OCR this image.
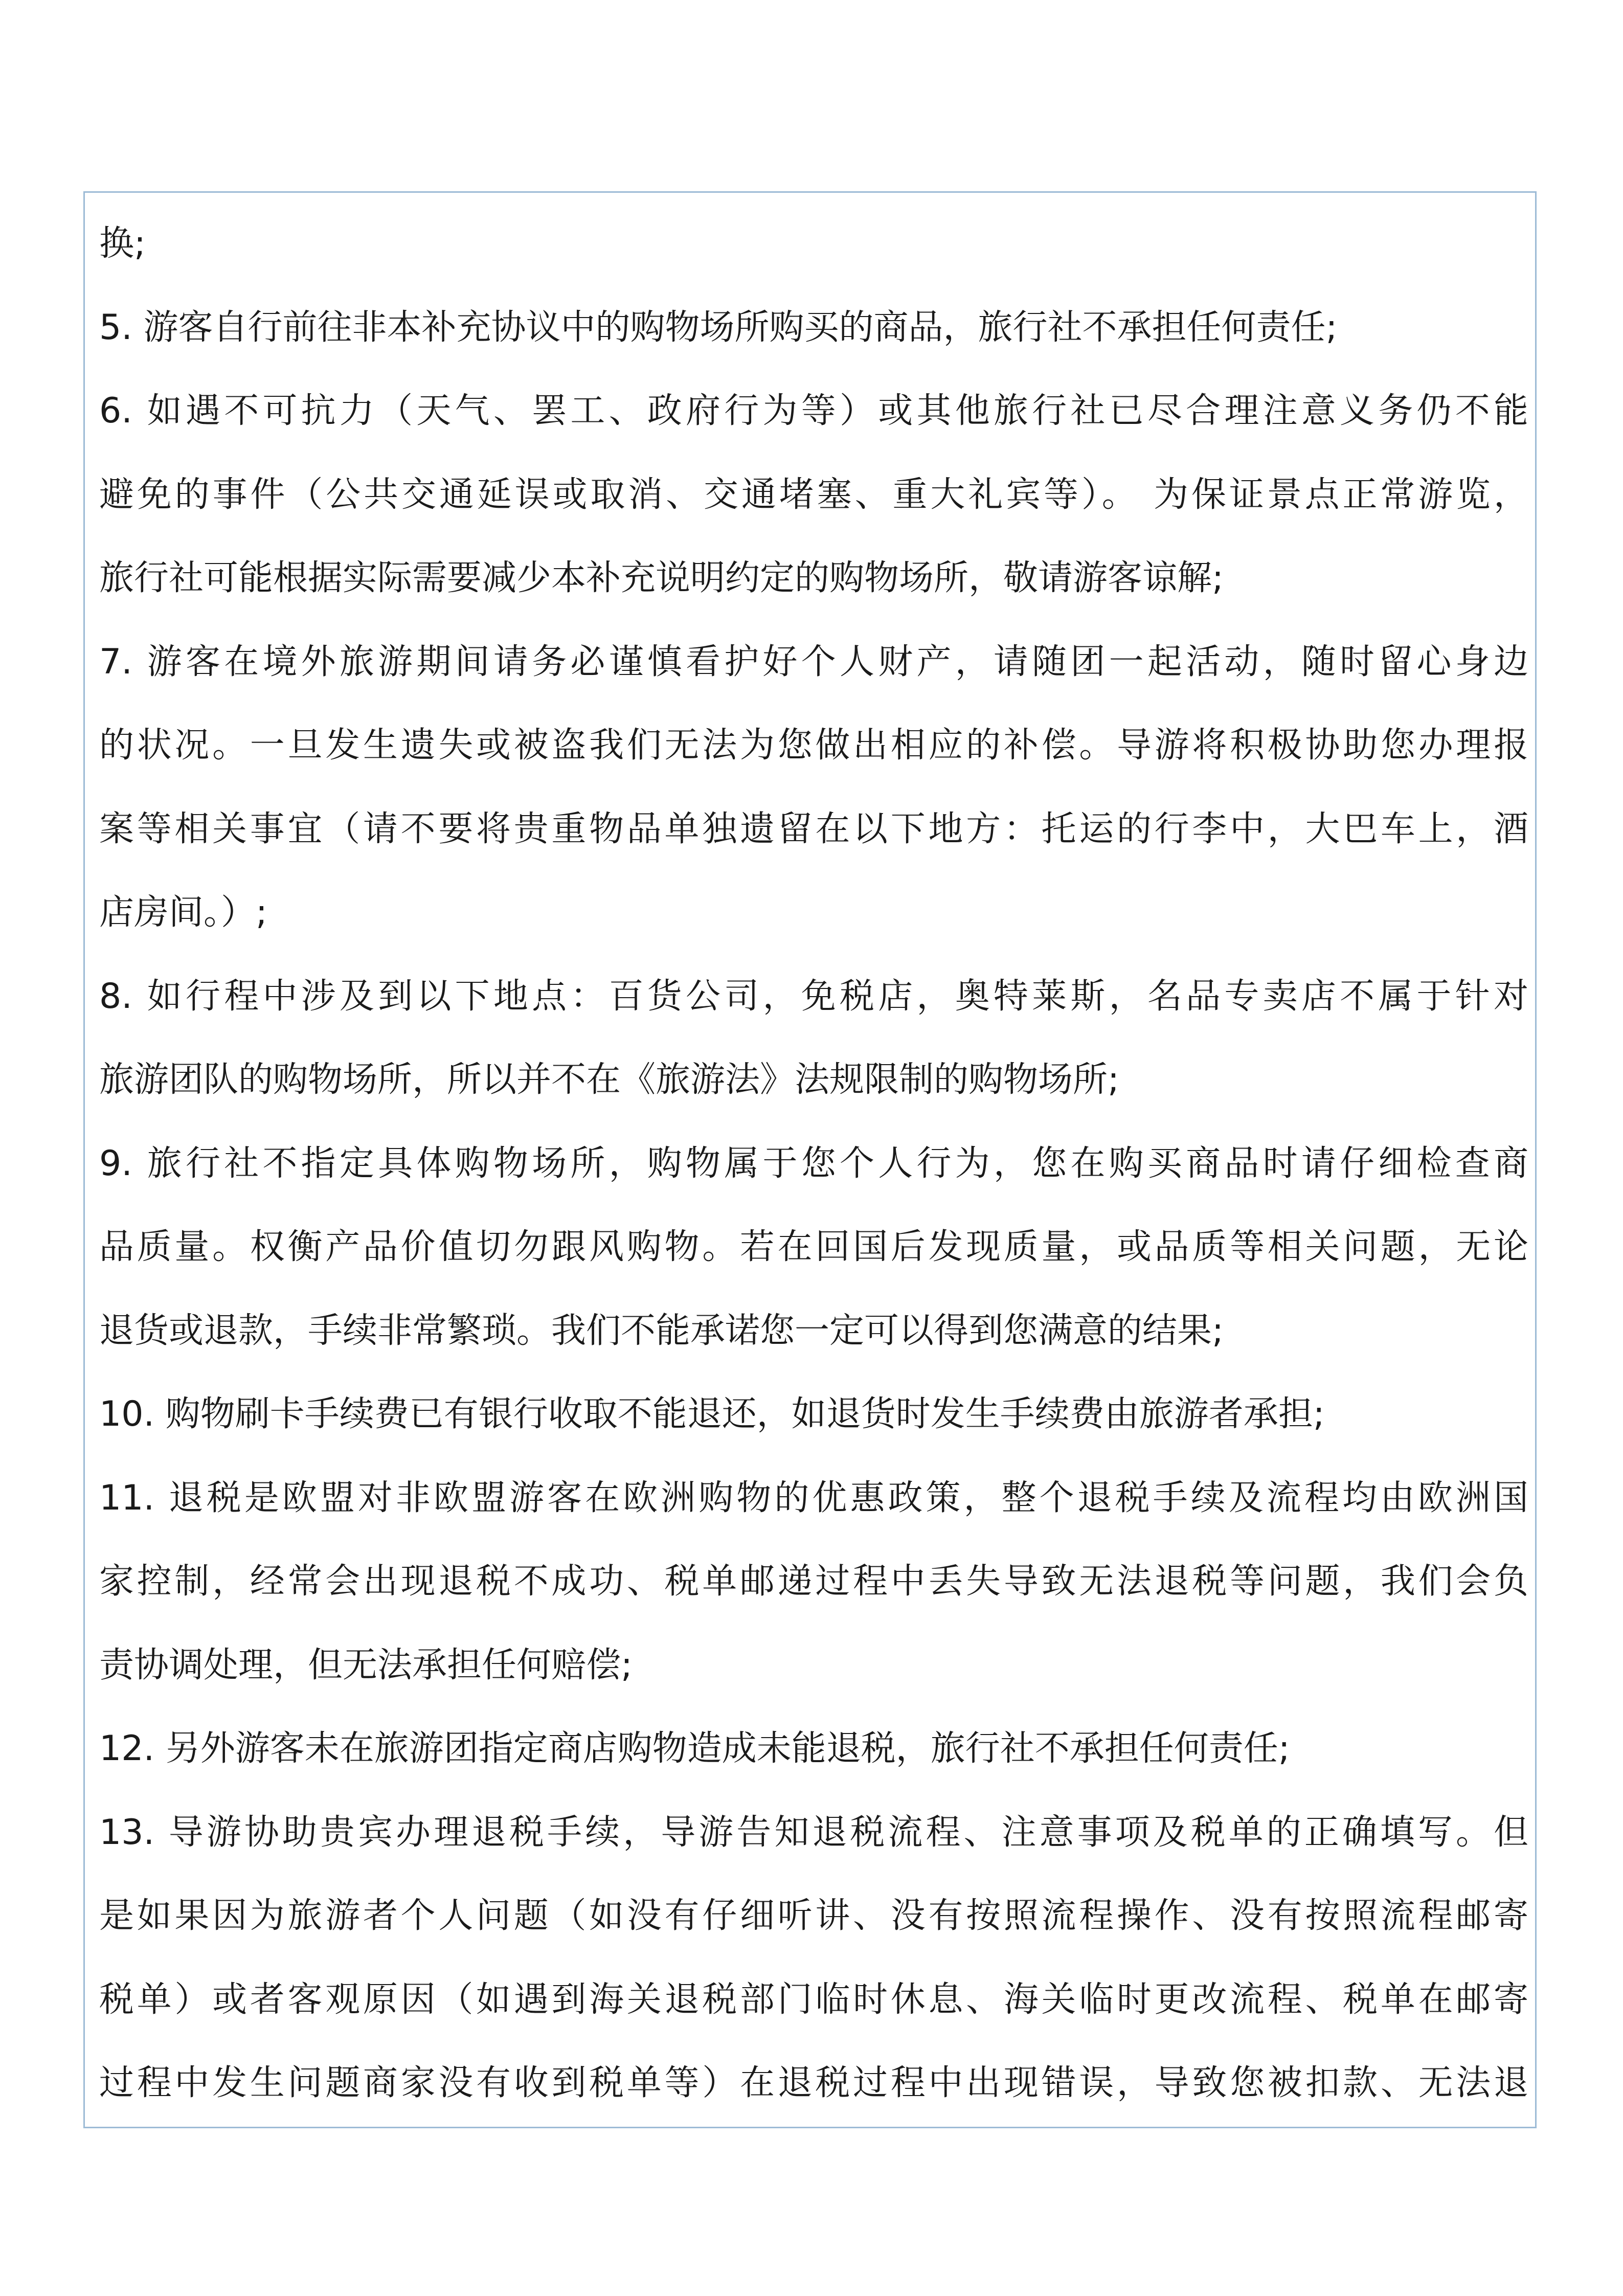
换;
5. 游客自行前往非本补充协议中的购物场所购买的商品，旅行社不承担任何责任;
6. 如遇不可抗力（天气、罢工、政府行为等）或其他旅行社已尽合理注意义务仍不能
避免的事件（公共交通延误或取消、交通堵塞、重大礼宾等）。 为保证景点正常游览，
旅行社可能根据实际需要减少本补充说明约定的购物场所，敬请游客谅解;
7. 游客在境外旅游期间请务必谨慎看护好个人财产，请随团一起活动，随时留心身边
的状况。一旦发生遗失或被盗我们无法为您做出相应的补偿。导游将积极协助您办理报
案等相关事宜（请不要将贵重物品单独遗留在以下地方：托运的行李中，大巴车上，酒
店房间。）;
8. 如行程中涉及到以下地点：百货公司，免税店，奥特莱斯，名品专卖店不属于针对
旅游团队的购物场所，所以并不在《旅游法》法规限制的购物场所;
9. 旅行社不指定具体购物场所，购物属于您个人行为，您在购买商品时请仔细检查商
品质量。权衡产品价值切勿跟风购物。若在回国后发现质量，或品质等相关问题，无论
退货或退款，手续非常繁琐。我们不能承诺您一定可以得到您满意的结果;
10. 购物刷卡手续费已有银行收取不能退还，如退货时发生手续费由旅游者承担;
11. 退税是欧盟对非欧盟游客在欧洲购物的优惠政策，整个退税手续及流程均由欧洲国
家控制，经常会出现退税不成功、税单邮递过程中丢失导致无法退税等问题，我们会负
责协调处理，但无法承担任何赔偿;
12. 另外游客未在旅游团指定商店购物造成未能退税，旅行社不承担任何责任;
13. 导游协助贵宾办理退税手续，导游告知退税流程、注意事项及税单的正确填写。但
是如果因为旅游者个人问题（如没有仔细听讲、没有按照流程操作、没有按照流程邮寄
税单）或者客观原因（如遇到海关退税部门临时休息、海关临时更改流程、税单在邮寄
过程中发生问题商家没有收到税单等）在退税过程中出现错误，导致您被扣款、无法退
